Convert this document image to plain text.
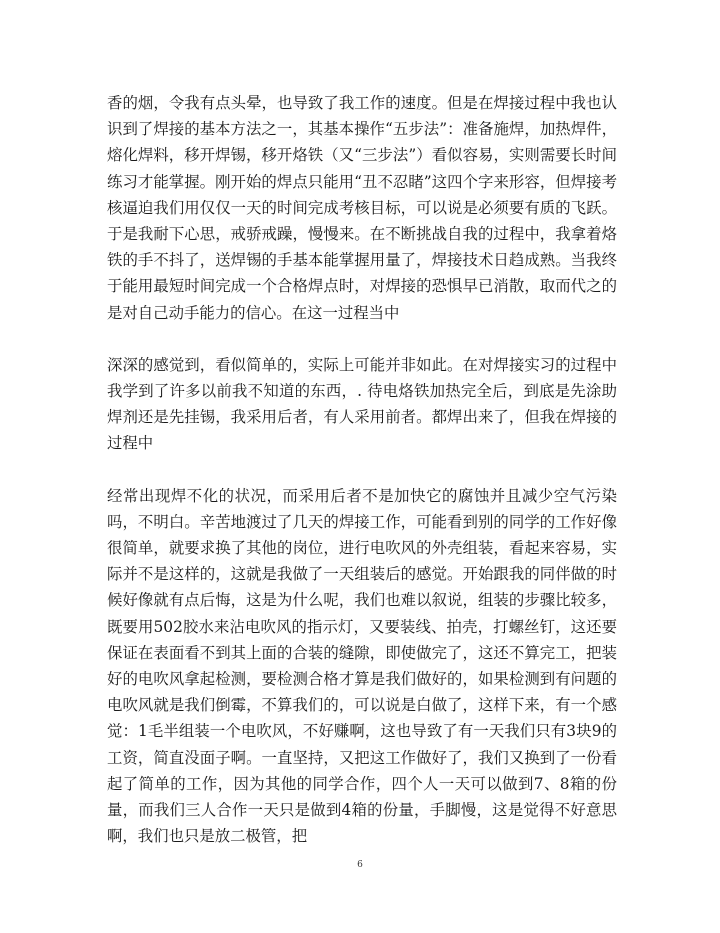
香的烟，令我有点头晕，也导致了我工作的速度。但是在焊接过程中我也认识到了焊接的基本方法之一，其基本操作“五步法”：准备施焊，加热焊件，熔化焊料，移开焊锡，移开烙铁（又“三步法”）看似容易，实则需要长时间练习才能掌握。刚开始的焊点只能用“丑不忍睹”这四个字来形容，但焊接考核逼迫我们用仅仅一天的时间完成考核目标，可以说是必须要有质的飞跃。于是我耐下心思，戒骄戒躁，慢慢来。在不断挑战自我的过程中，我拿着烙铁的手不抖了，送焊锡的手基本能掌握用量了，焊接技术日趋成熟。当我终于能用最短时间完成一个合格焊点时，对焊接的恐惧早已消散，取而代之的是对自己动手能力的信心。在这一过程当中

深深的感觉到，看似简单的，实际上可能并非如此。在对焊接实习的过程中我学到了许多以前我不知道的东西，. 待电烙铁加热完全后，到底是先涂助焊剂还是先挂锡，我采用后者，有人采用前者。都焊出来了，但我在焊接的过程中

经常出现焊不化的状况，而采用后者不是加快它的腐蚀并且减少空气污染吗，不明白。辛苦地渡过了几天的焊接工作，可能看到别的同学的工作好像很简单，就要求换了其他的岗位，进行电吹风的外壳组装，看起来容易，实际并不是这样的，这就是我做了一天组装后的感觉。开始跟我的同伴做的时候好像就有点后悔，这是为什么呢，我们也难以叙说，组装的步骤比较多，既要用502胶水来沾电吹风的指示灯，又要装线、拍壳，打螺丝钉，这还要保证在表面看不到其上面的合装的缝隙，即使做完了，这还不算完工，把装好的电吹风拿起检测，要检测合格才算是我们做好的，如果检测到有问题的电吹风就是我们倒霉，不算我们的，可以说是白做了，这样下来，有一个感觉：1毛半组装一个电吹风，不好赚啊，这也导致了有一天我们只有3块9的工资，简直没面子啊。一直坚持，又把这工作做好了，我们又换到了一份看起了简单的工作，因为其他的同学合作，四个人一天可以做到7、8箱的份量，而我们三人合作一天只是做到4箱的份量，手脚慢，这是觉得不好意思啊，我们也只是放二极管，把

6
